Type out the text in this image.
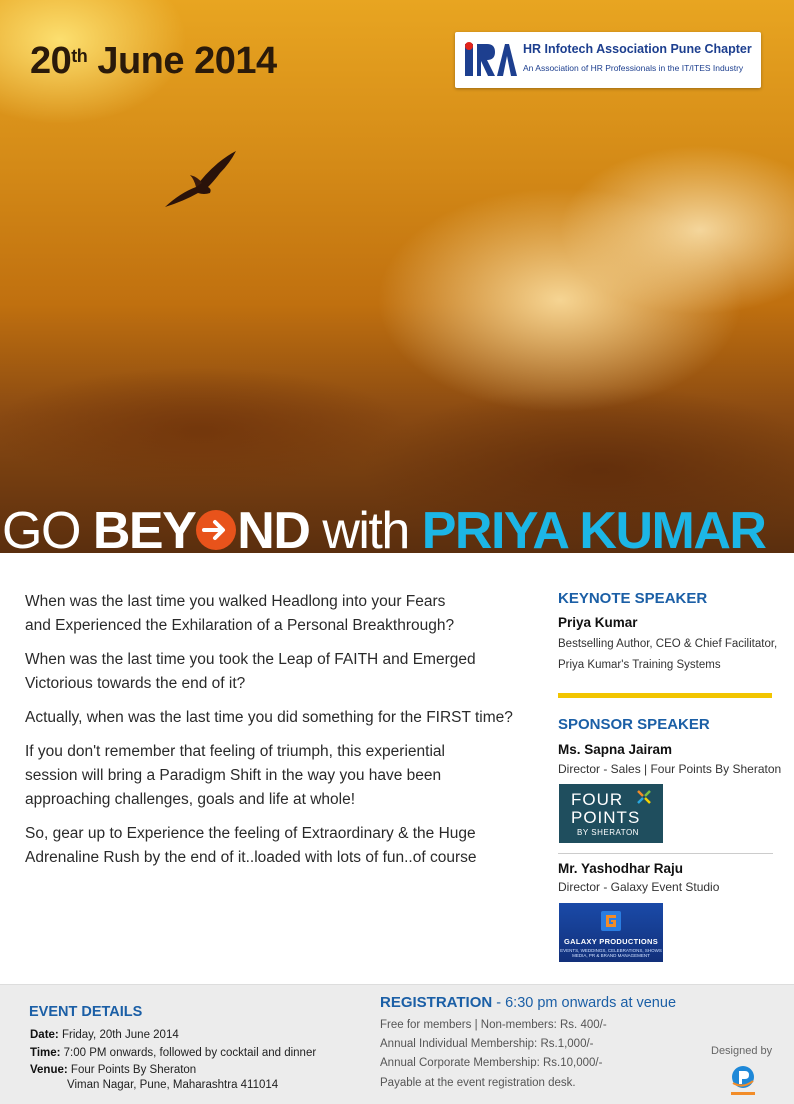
20th June 2014	HR Infotech Association Pune Chapter
An Association of HR Professionals in the IT/ITES Industry
GO BEY ND with PRIYA KUMAR

When was the last time you walked Headlong into your Fears and Experienced the Exhilaration of a Personal Breakthrough?

When was the last time you took the Leap of FAITH and Emerged Victorious towards the end of it?

Actually, when was the last time you did something for the FIRST time?

If you don't remember that feeling of triumph, this experiential session will bring a Paradigm Shift in the way you have been approaching challenges, goals and life at whole!

So, gear up to Experience the feeling of Extraordinary & the Huge Adrenaline Rush by the end of it..loaded with lots of fun..of course

KEYNOTE SPEAKER
Priya Kumar
Bestselling Author, CEO & Chief Facilitator,
Priya Kumar's Training Systems
SPONSOR SPEAKER
Ms. Sapna Jairam
Director - Sales | Four Points By Sheraton
FOUR
POINTS
BY SHERATON
Mr. Yashodhar Raju
Director - Galaxy Event Studio
GALAXY PRODUCTIONS
EVENTS, WEDDINGS, CELEBRATIONS, SHOWS MEDIA, PR & BRAND MANAGEMENT
EVENT DETAILS
Date: Friday, 20th June 2014
Time: 7:00 PM onwards, followed by cocktail and dinner
Venue: Four Points By Sheraton
Viman Nagar, Pune, Maharashtra 411014
REGISTRATION - 6:30 pm onwards at venue
Free for members | Non-members: Rs. 400/-
Annual Individual Membership: Rs.1,000/-
Annual Corporate Membership: Rs.10,000/-
Payable at the event registration desk.
Designed by
